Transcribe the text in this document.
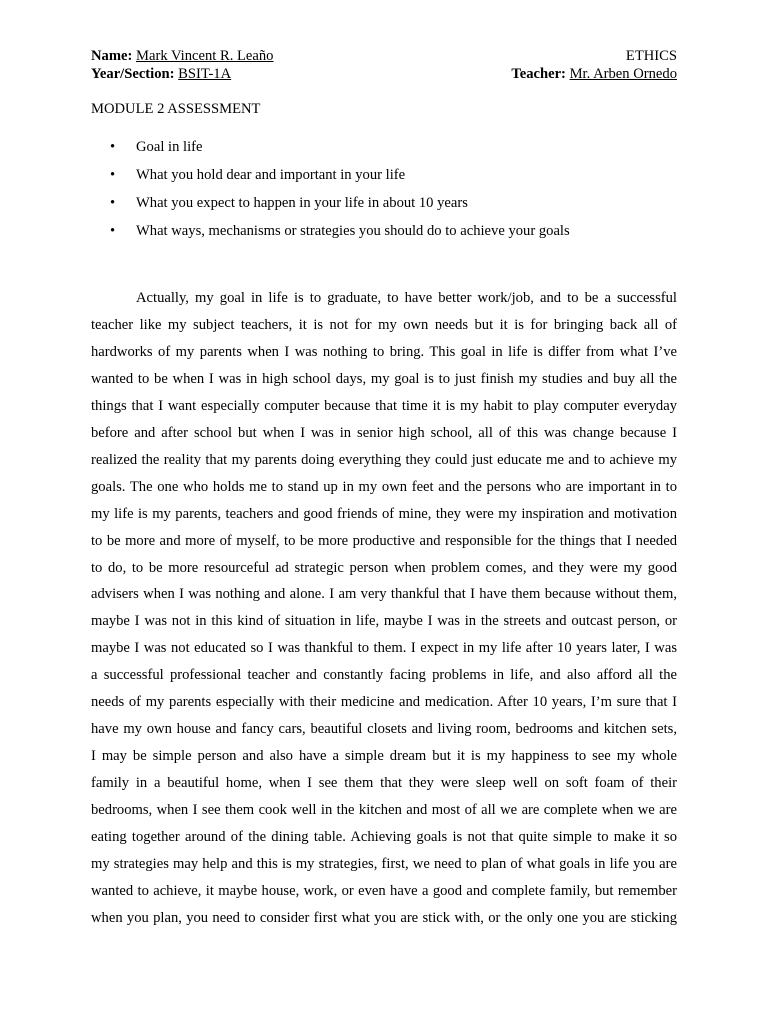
Name: Mark Vincent R. Leaño	ETHICS
Year/Section: BSIT-1A	Teacher: Mr. Arben Ornedo
MODULE 2 ASSESSMENT
• Goal in life
• What you hold dear and important in your life
• What you expect to happen in your life in about 10 years
• What ways, mechanisms or strategies you should do to achieve your goals
Actually, my goal in life is to graduate, to have better work/job, and to be a successful
teacher like my subject teachers, it is not for my own needs but it is for bringing back all of
hardworks of my parents when I was nothing to bring. This goal in life is differ from what I’ve
wanted to be when I was in high school days, my goal is to just finish my studies and buy all the
things that I want especially computer because that time it is my habit to play computer everyday
before and after school but when I was in senior high school, all of this was change because I
realized the reality that my parents doing everything they could just educate me and to achieve my
goals. The one who holds me to stand up in my own feet and the persons who are important in to
my life is my parents, teachers and good friends of mine, they were my inspiration and motivation
to be more and more of myself, to be more productive and responsible for the things that I needed
to do, to be more resourceful ad strategic person when problem comes, and they were my good
advisers when I was nothing and alone. I am very thankful that I have them because without them,
maybe I was not in this kind of situation in life, maybe I was in the streets and outcast person, or
maybe I was not educated so I was thankful to them. I expect in my life after 10 years later, I was
a successful professional teacher and constantly facing problems in life, and also afford all the
needs of my parents especially with their medicine and medication. After 10 years, I’m sure that I
have my own house and fancy cars, beautiful closets and living room, bedrooms and kitchen sets,
I may be simple person and also have a simple dream but it is my happiness to see my whole
family in a beautiful home, when I see them that they were sleep well on soft foam of their
bedrooms, when I see them cook well in the kitchen and most of all we are complete when we are
eating together around of the dining table. Achieving goals is not that quite simple to make it so
my strategies may help and this is my strategies, first, we need to plan of what goals in life you are
wanted to achieve, it maybe house, work, or even have a good and complete family, but remember
when you plan, you need to consider first what you are stick with, or the only one you are sticking
